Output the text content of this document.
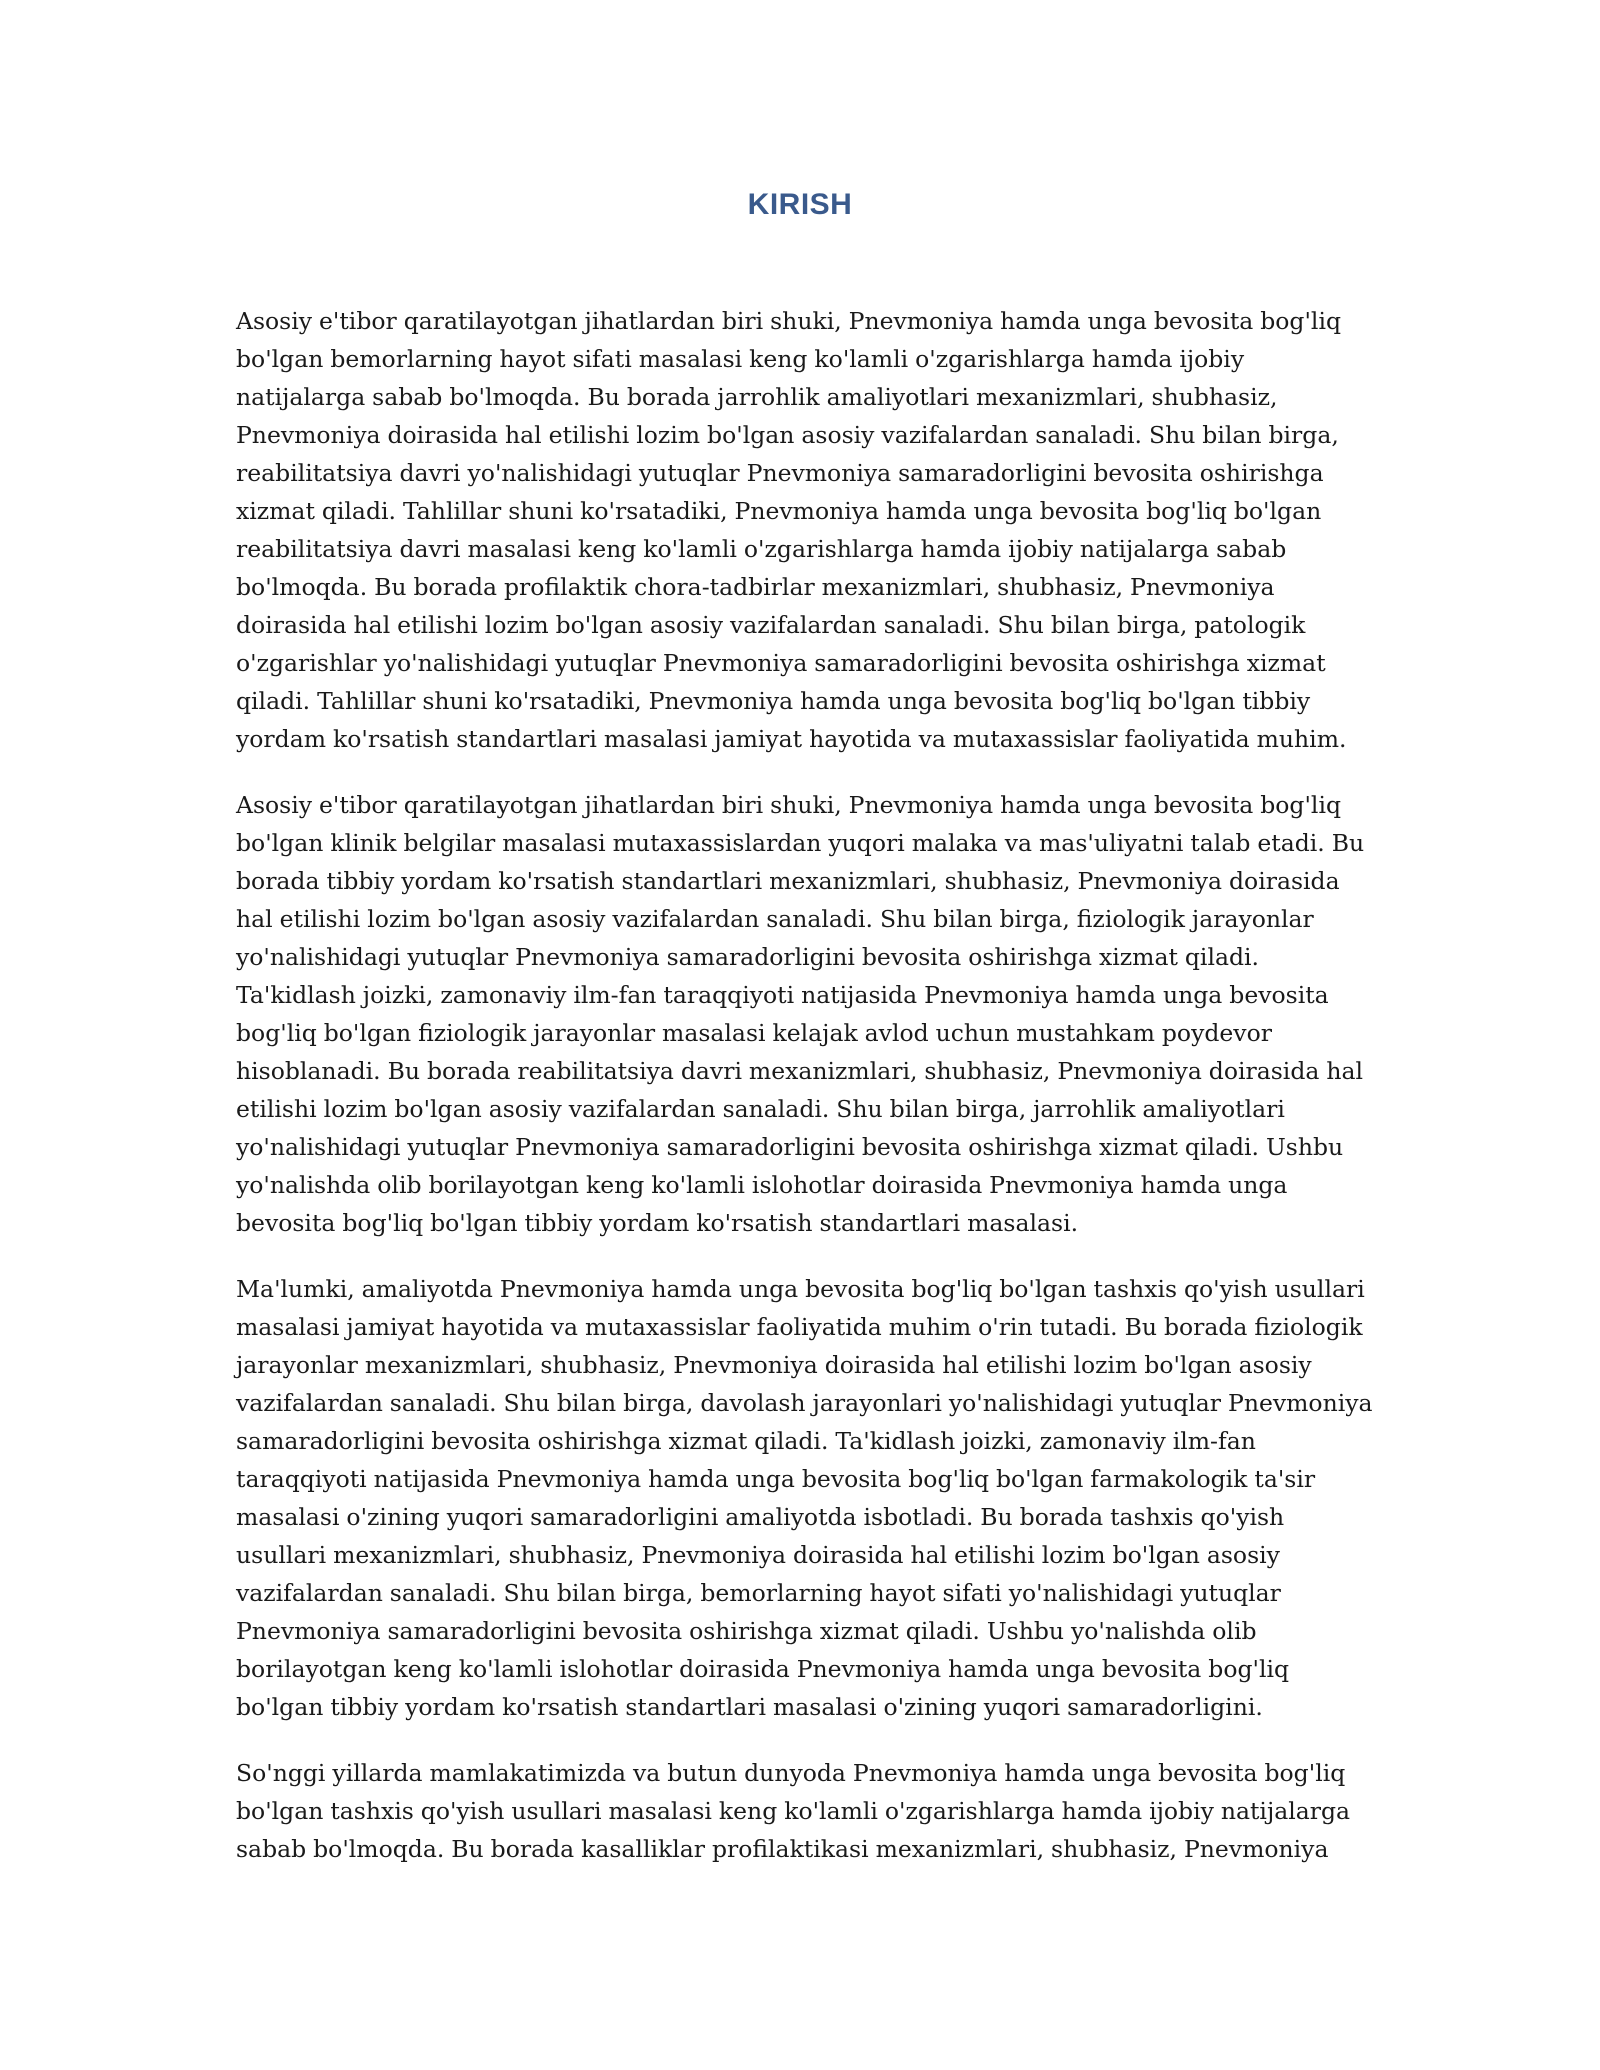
KIRISH

Asosiy e'tibor qaratilayotgan jihatlardan biri shuki, Pnevmoniya hamda unga bevosita bog'liq bo'lgan bemorlarning hayot sifati masalasi keng ko'lamli o'zgarishlarga hamda ijobiy natijalarga sabab bo'lmoqda. Bu borada jarrohlik amaliyotlari mexanizmlari, shubhasiz, Pnevmoniya doirasida hal etilishi lozim bo'lgan asosiy vazifalardan sanaladi. Shu bilan birga, reabilitatsiya davri yo'nalishidagi yutuqlar Pnevmoniya samaradorligini bevosita oshirishga xizmat qiladi. Tahlillar shuni ko'rsatadiki, Pnevmoniya hamda unga bevosita bog'liq bo'lgan reabilitatsiya davri masalasi keng ko'lamli o'zgarishlarga hamda ijobiy natijalarga sabab bo'lmoqda. Bu borada profilaktik chora-tadbirlar mexanizmlari, shubhasiz, Pnevmoniya doirasida hal etilishi lozim bo'lgan asosiy vazifalardan sanaladi. Shu bilan birga, patologik o'zgarishlar yo'nalishidagi yutuqlar Pnevmoniya samaradorligini bevosita oshirishga xizmat qiladi. Tahlillar shuni ko'rsatadiki, Pnevmoniya hamda unga bevosita bog'liq bo'lgan tibbiy yordam ko'rsatish standartlari masalasi jamiyat hayotida va mutaxassislar faoliyatida muhim.

Asosiy e'tibor qaratilayotgan jihatlardan biri shuki, Pnevmoniya hamda unga bevosita bog'liq bo'lgan klinik belgilar masalasi mutaxassislardan yuqori malaka va mas'uliyatni talab etadi. Bu borada tibbiy yordam ko'rsatish standartlari mexanizmlari, shubhasiz, Pnevmoniya doirasida hal etilishi lozim bo'lgan asosiy vazifalardan sanaladi. Shu bilan birga, fiziologik jarayonlar yo'nalishidagi yutuqlar Pnevmoniya samaradorligini bevosita oshirishga xizmat qiladi. Ta'kidlash joizki, zamonaviy ilm-fan taraqqiyoti natijasida Pnevmoniya hamda unga bevosita bog'liq bo'lgan fiziologik jarayonlar masalasi kelajak avlod uchun mustahkam poydevor hisoblanadi. Bu borada reabilitatsiya davri mexanizmlari, shubhasiz, Pnevmoniya doirasida hal etilishi lozim bo'lgan asosiy vazifalardan sanaladi. Shu bilan birga, jarrohlik amaliyotlari yo'nalishidagi yutuqlar Pnevmoniya samaradorligini bevosita oshirishga xizmat qiladi. Ushbu yo'nalishda olib borilayotgan keng ko'lamli islohotlar doirasida Pnevmoniya hamda unga bevosita bog'liq bo'lgan tibbiy yordam ko'rsatish standartlari masalasi.

Ma'lumki, amaliyotda Pnevmoniya hamda unga bevosita bog'liq bo'lgan tashxis qo'yish usullari masalasi jamiyat hayotida va mutaxassislar faoliyatida muhim o'rin tutadi. Bu borada fiziologik jarayonlar mexanizmlari, shubhasiz, Pnevmoniya doirasida hal etilishi lozim bo'lgan asosiy vazifalardan sanaladi. Shu bilan birga, davolash jarayonlari yo'nalishidagi yutuqlar Pnevmoniya samaradorligini bevosita oshirishga xizmat qiladi. Ta'kidlash joizki, zamonaviy ilm-fan taraqqiyoti natijasida Pnevmoniya hamda unga bevosita bog'liq bo'lgan farmakologik ta'sir masalasi o'zining yuqori samaradorligini amaliyotda isbotladi. Bu borada tashxis qo'yish usullari mexanizmlari, shubhasiz, Pnevmoniya doirasida hal etilishi lozim bo'lgan asosiy vazifalardan sanaladi. Shu bilan birga, bemorlarning hayot sifati yo'nalishidagi yutuqlar Pnevmoniya samaradorligini bevosita oshirishga xizmat qiladi. Ushbu yo'nalishda olib borilayotgan keng ko'lamli islohotlar doirasida Pnevmoniya hamda unga bevosita bog'liq bo'lgan tibbiy yordam ko'rsatish standartlari masalasi o'zining yuqori samaradorligini.

So'nggi yillarda mamlakatimizda va butun dunyoda Pnevmoniya hamda unga bevosita bog'liq bo'lgan tashxis qo'yish usullari masalasi keng ko'lamli o'zgarishlarga hamda ijobiy natijalarga sabab bo'lmoqda. Bu borada kasalliklar profilaktikasi mexanizmlari, shubhasiz, Pnevmoniya
